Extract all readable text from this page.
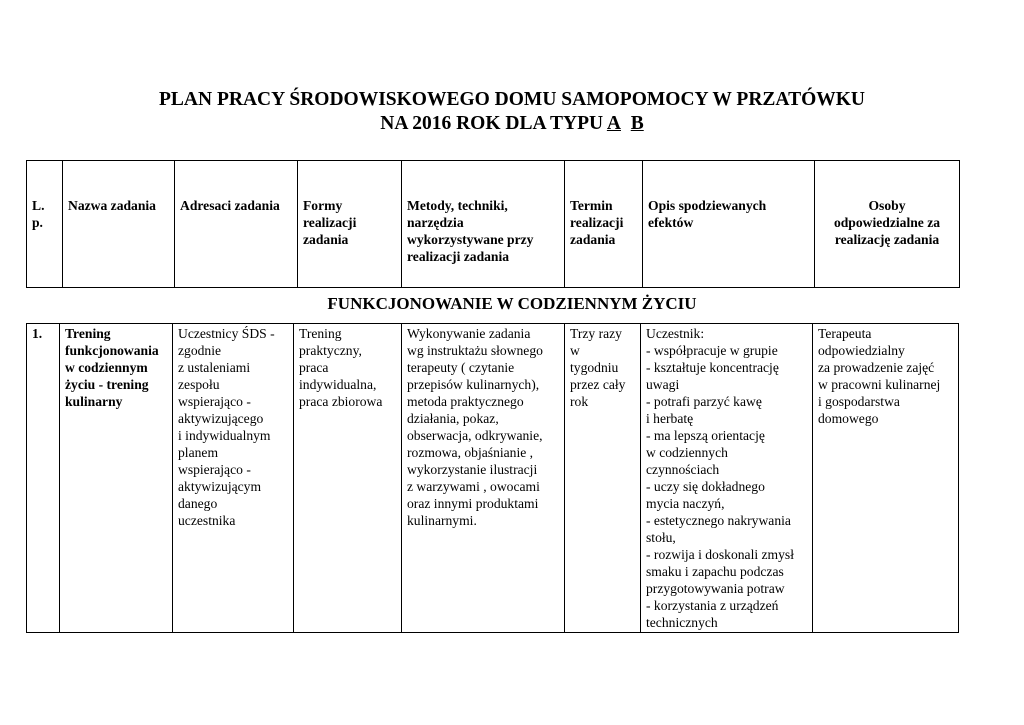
PLAN PRACY ŚRODOWISKOWEGO DOMU SAMOPOMOCY W PRZATÓWKU
NA 2016 ROK DLA TYPU A B
L.
p.	Nazwa zadania	Adresaci zadania	Formy
realizacji
zadania	Metody, techniki,
narzędzia
wykorzystywane przy
realizacji zadania	Termin
realizacji
zadania	Opis spodziewanych
efektów	Osoby
odpowiedzialne za
realizację zadania
FUNKCJONOWANIE W CODZIENNYM ŻYCIU
1.	Trening
funkcjonowania
w codziennym
życiu - trening
kulinarny	Uczestnicy ŚDS -
zgodnie
z ustaleniami
zespołu
wspierająco -
aktywizującego
i indywidualnym
planem
wspierająco -
aktywizującym
danego
uczestnika	Trening
praktyczny,
praca
indywidualna,
praca zbiorowa	Wykonywanie zadania
wg instruktażu słownego
terapeuty ( czytanie
przepisów kulinarnych),
metoda praktycznego
działania, pokaz,
obserwacja, odkrywanie,
rozmowa, objaśnianie ,
wykorzystanie ilustracji
z warzywami , owocami
oraz innymi produktami
kulinarnymi.	Trzy razy
w
tygodniu
przez cały
rok	Uczestnik:
- współpracuje w grupie
- kształtuje koncentrację
uwagi
- potrafi parzyć kawę
i herbatę
- ma lepszą orientację
w codziennych
czynnościach
- uczy się dokładnego
mycia naczyń,
- estetycznego nakrywania
stołu,
- rozwija i doskonali zmysł
smaku i zapachu podczas
przygotowywania potraw
- korzystania z urządzeń
technicznych	Terapeuta
odpowiedzialny
za prowadzenie zajęć
w pracowni kulinarnej
i gospodarstwa
domowego
